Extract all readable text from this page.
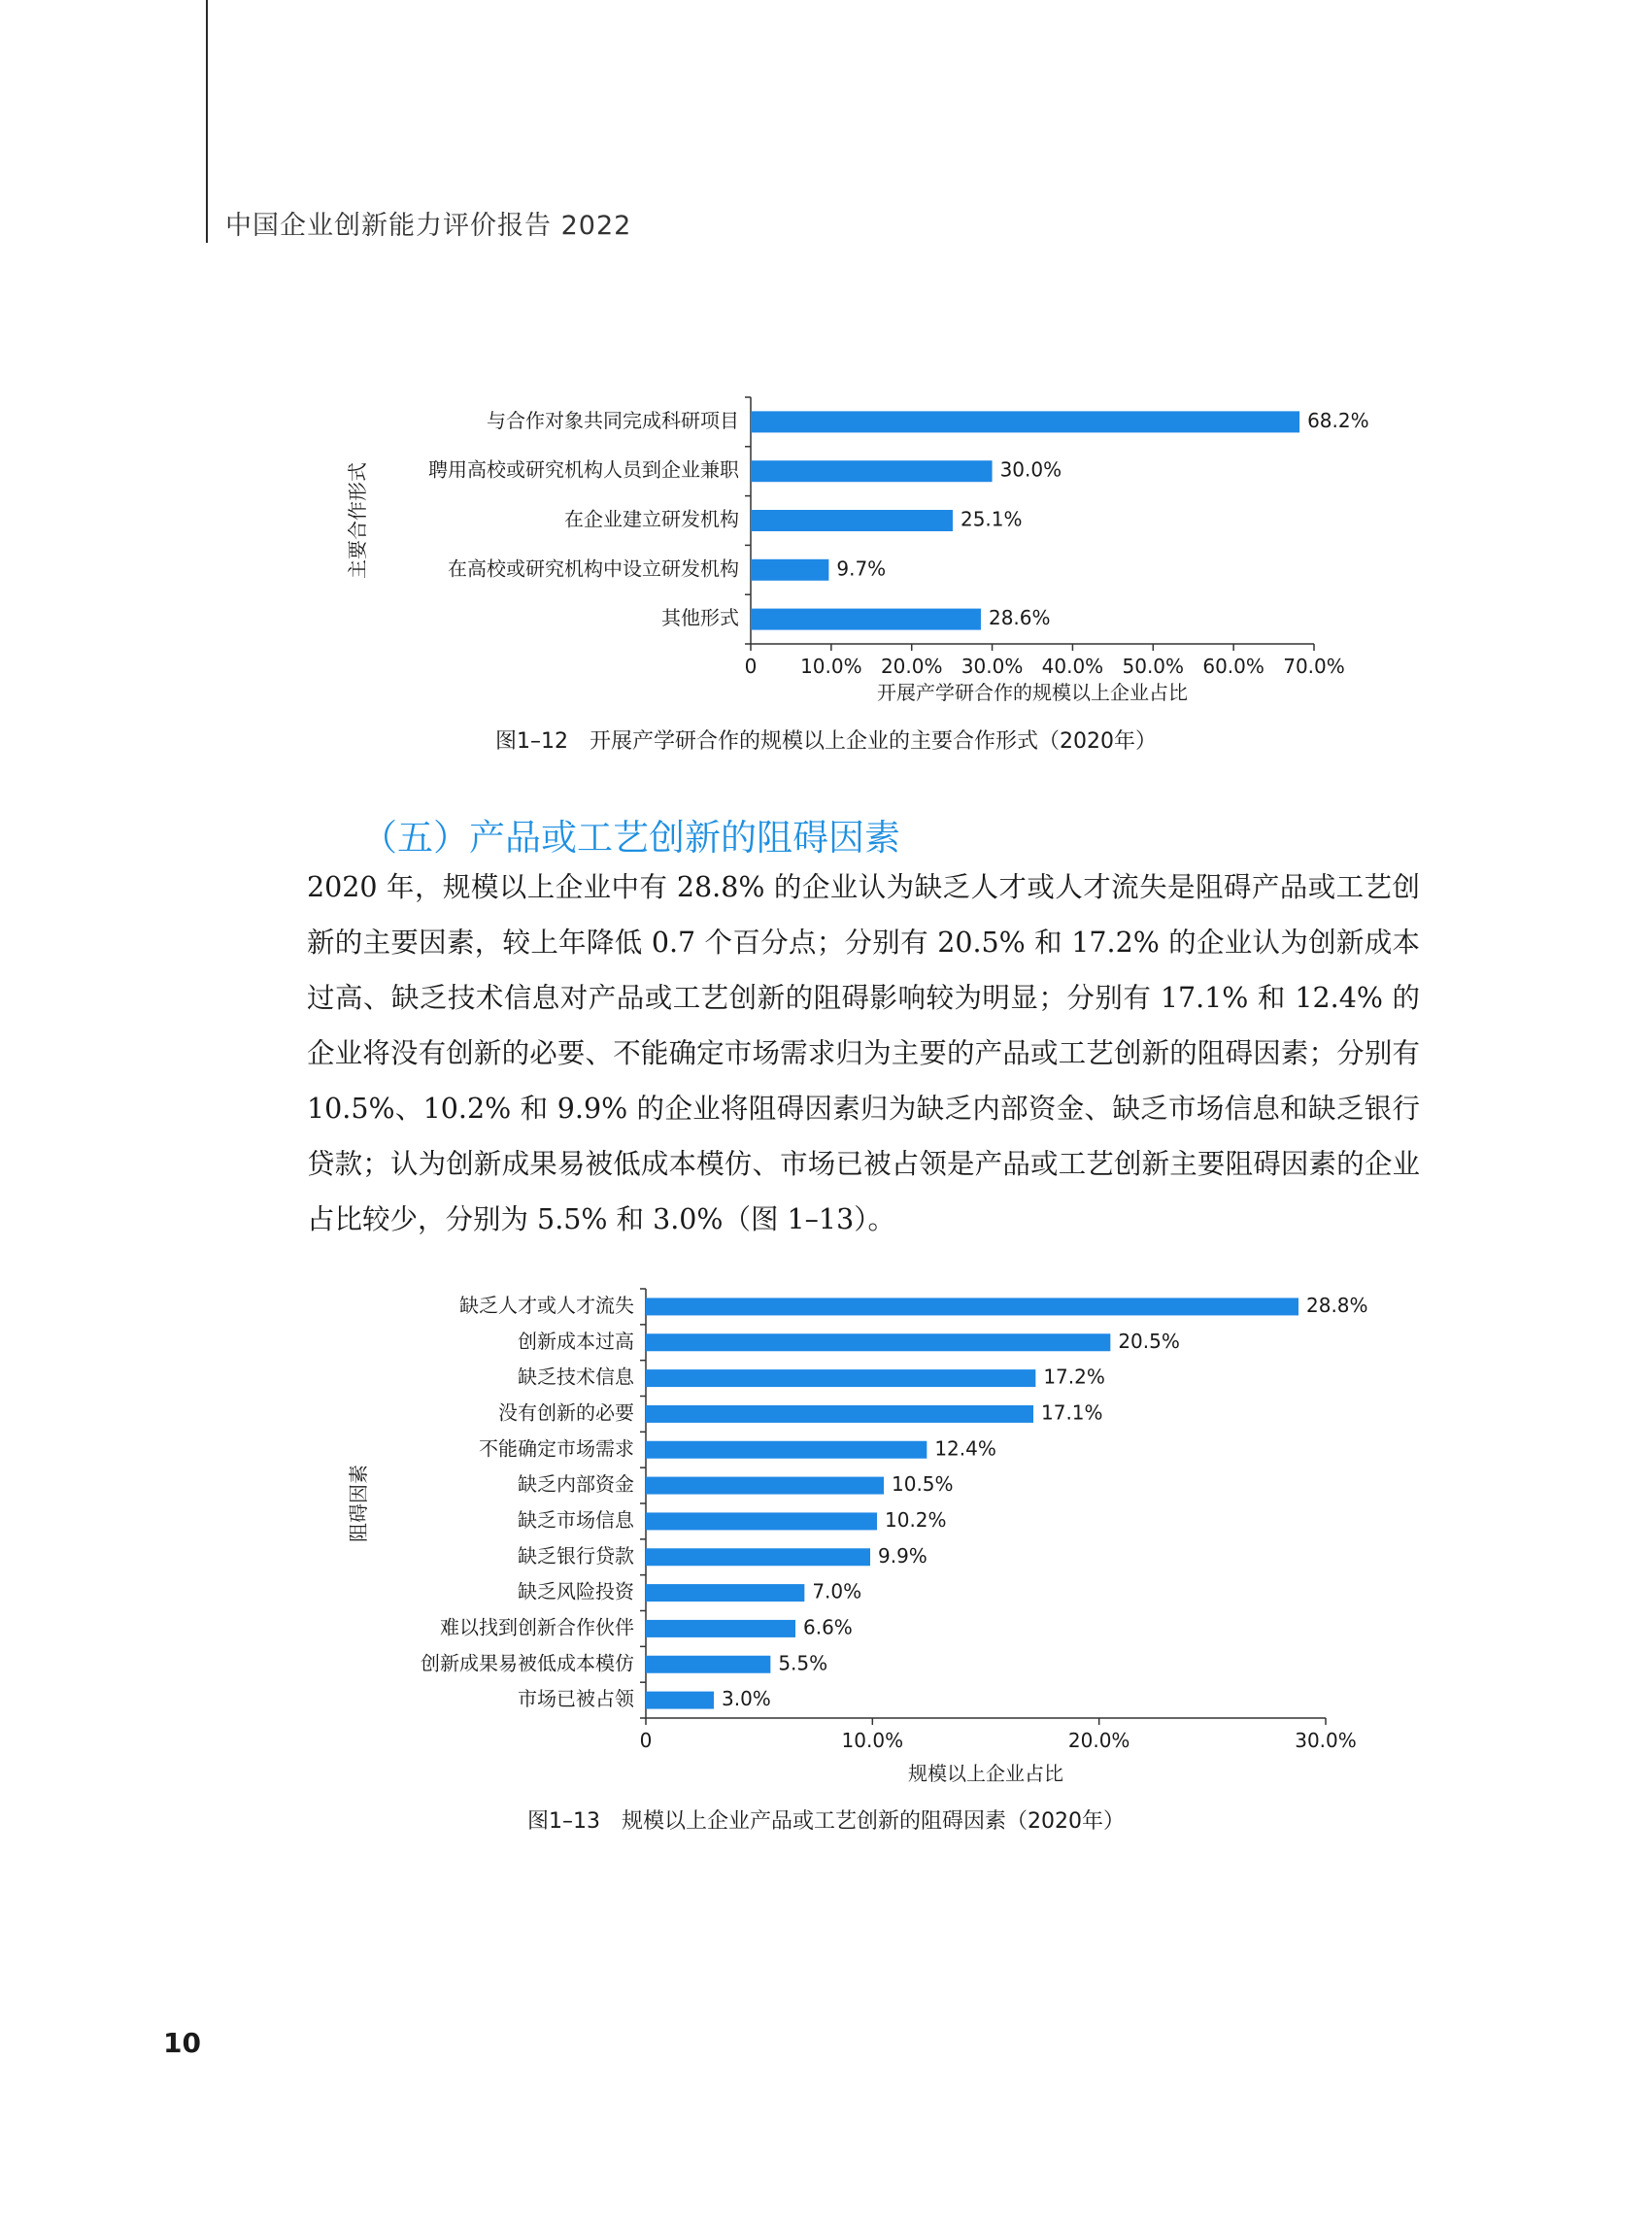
中国企业创新能力评价报告 2022
与合作对象共同完成科研项目	68.2%
聘用高校或研究机构人员到企业兼职	30.0%
在企业建立研发机构	25.1%
在高校或研究机构中设立研发机构	9.7%
其他形式	28.6%
0 10.0% 20.0% 30.0% 40.0% 50.0% 60.0% 70.0%
开展产学研合作的规模以上企业占比
主要合作形式
图1–12　开展产学研合作的规模以上企业的主要合作形式（2020年）
（五）产品或工艺创新的阻碍因素
2020 年，规模以上企业中有 28.8% 的企业认为缺乏人才或人才流失是阻碍产品或工艺创新的主要因素，较上年降低 0.7 个百分点；分别有 20.5% 和 17.2% 的企业认为创新成本过高、缺乏技术信息对产品或工艺创新的阻碍影响较为明显；分别有 17.1% 和 12.4% 的企业将没有创新的必要、不能确定市场需求归为主要的产品或工艺创新的阻碍因素；分别有 10.5%、10.2% 和 9.9% 的企业将阻碍因素归为缺乏内部资金、缺乏市场信息和缺乏银行贷款；认为创新成果易被低成本模仿、市场已被占领是产品或工艺创新主要阻碍因素的企业占比较少，分别为 5.5% 和 3.0%（图 1–13）。
缺乏人才或人才流失	28.8%
创新成本过高	20.5%
缺乏技术信息	17.2%
没有创新的必要	17.1%
不能确定市场需求	12.4%
缺乏内部资金	10.5%
缺乏市场信息	10.2%
缺乏银行贷款	9.9%
缺乏风险投资	7.0%
难以找到创新合作伙伴	6.6%
创新成果易被低成本模仿	5.5%
市场已被占领	3.0%
0	10.0%	20.0%	30.0%
规模以上企业占比
阻碍因素
图1–13　规模以上企业产品或工艺创新的阻碍因素（2020年）
10
